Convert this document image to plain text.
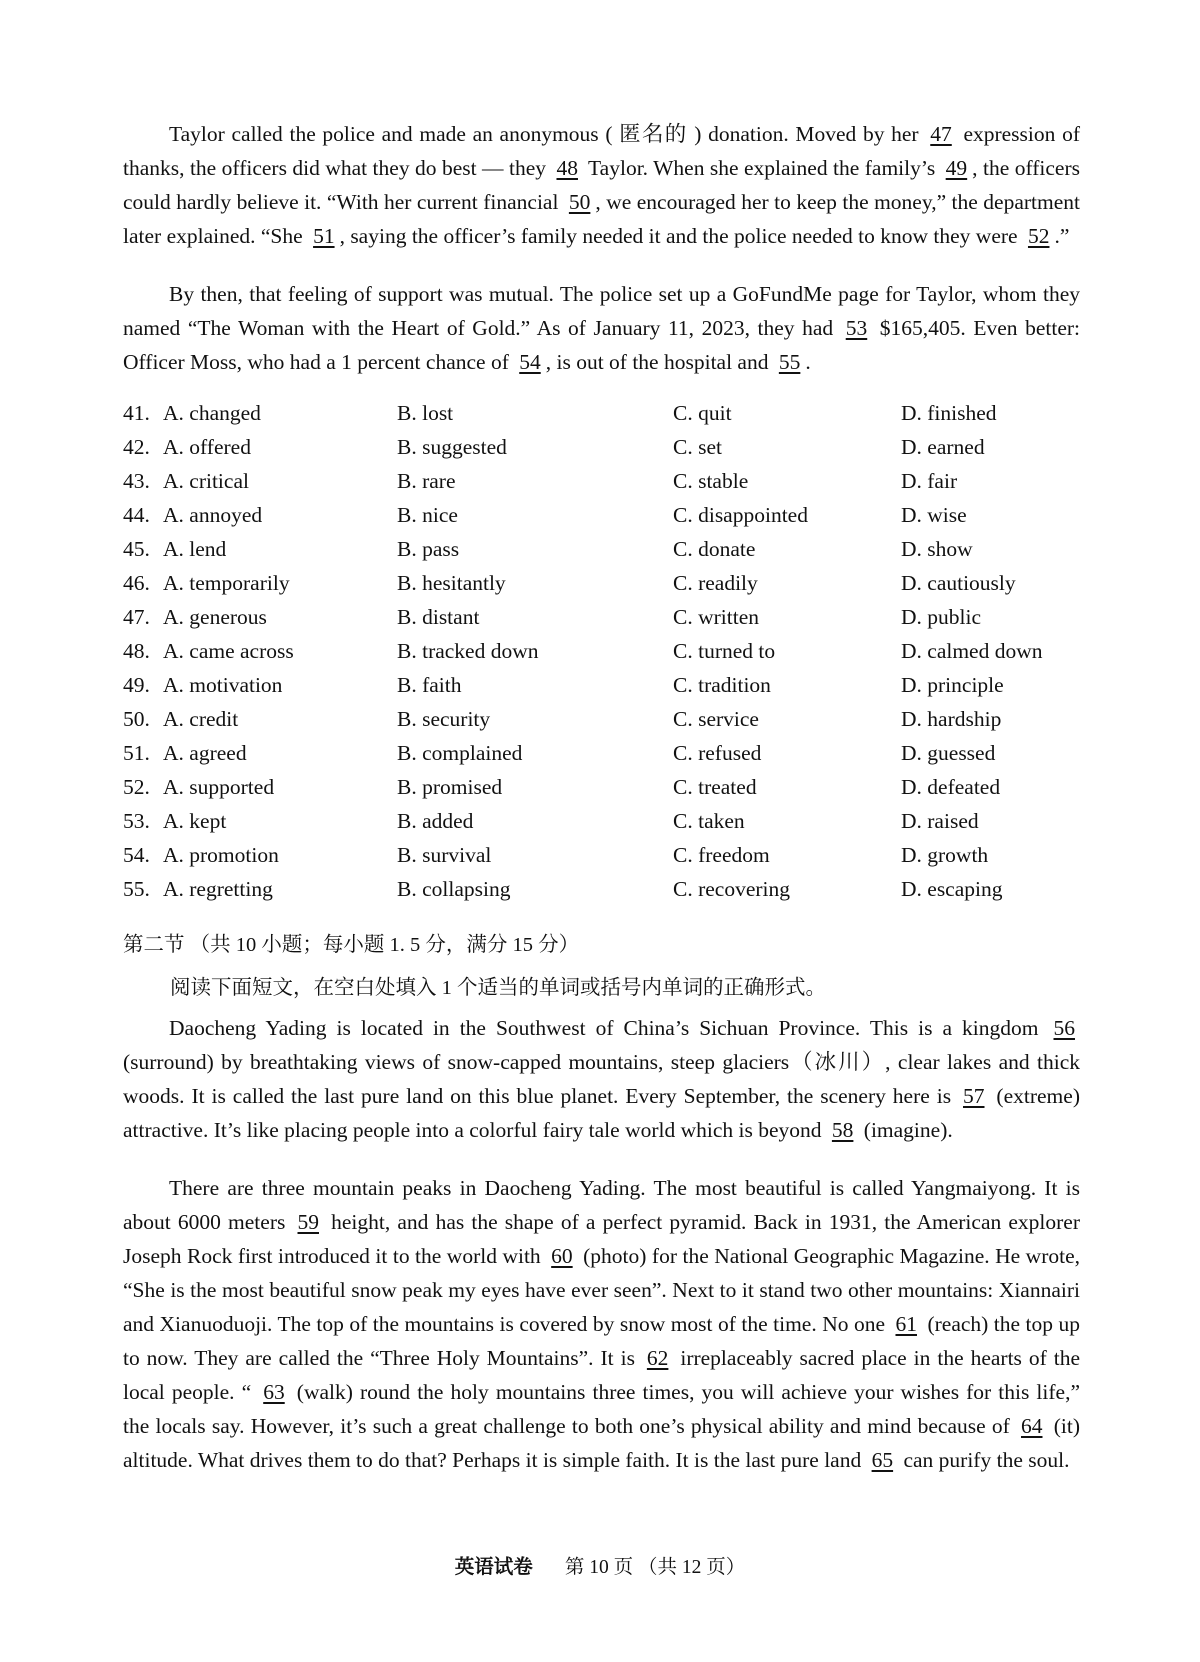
Taylor called the police and made an anonymous ( 匿名的 ) donation. Moved by her 47 expression of thanks, the officers did what they do best — they 48 Taylor. When she explained the family’s 49 , the officers could hardly believe it. “With her current financial 50 , we encouraged her to keep the money,” the department later explained. “She 51 , saying the officer’s family needed it and the police needed to know they were 52 .”

By then, that feeling of support was mutual. The police set up a GoFundMe page for Taylor, whom they named “The Woman with the Heart of Gold.” As of January 11, 2023, they had 53 $165,405. Even better: Officer Moss, who had a 1 percent chance of 54 , is out of the hospital and 55 .

41. A. changed	B. lost	C. quit	D. finished
42. A. offered	B. suggested	C. set	D. earned
43. A. critical	B. rare	C. stable	D. fair
44. A. annoyed	B. nice	C. disappointed	D. wise
45. A. lend	B. pass	C. donate	D. show
46. A. temporarily	B. hesitantly	C. readily	D. cautiously
47. A. generous	B. distant	C. written	D. public
48. A. came across	B. tracked down	C. turned to	D. calmed down
49. A. motivation	B. faith	C. tradition	D. principle
50. A. credit	B. security	C. service	D. hardship
51. A. agreed	B. complained	C. refused	D. guessed
52. A. supported	B. promised	C. treated	D. defeated
53. A. kept	B. added	C. taken	D. raised
54. A. promotion	B. survival	C. freedom	D. growth
55. A. regretting	B. collapsing	C. recovering	D. escaping

第二节 （共 10 小题；每小题 1. 5 分，满分 15 分）

阅读下面短文，在空白处填入 1 个适当的单词或括号内单词的正确形式。

Daocheng Yading is located in the Southwest of China’s Sichuan Province. This is a kingdom 56 (surround) by breathtaking views of snow-capped mountains, steep glaciers（冰川）, clear lakes and thick woods. It is called the last pure land on this blue planet. Every September, the scenery here is 57 (extreme) attractive. It’s like placing people into a colorful fairy tale world which is beyond 58 (imagine).

There are three mountain peaks in Daocheng Yading. The most beautiful is called Yangmaiyong. It is about 6000 meters 59 height, and has the shape of a perfect pyramid. Back in 1931, the American explorer Joseph Rock first introduced it to the world with 60 (photo) for the National Geographic Magazine. He wrote, “She is the most beautiful snow peak my eyes have ever seen”. Next to it stand two other mountains: Xiannairi and Xianuoduoji. The top of the mountains is covered by snow most of the time. No one 61 (reach) the top up to now. They are called the “Three Holy Mountains”. It is 62 irreplaceably sacred place in the hearts of the local people. “ 63 (walk) round the holy mountains three times, you will achieve your wishes for this life,” the locals say. However, it’s such a great challenge to both one’s physical ability and mind because of 64 (it) altitude. What drives them to do that? Perhaps it is simple faith. It is the last pure land 65 can purify the soul.

英语试卷 第 10 页 （共 12 页）
